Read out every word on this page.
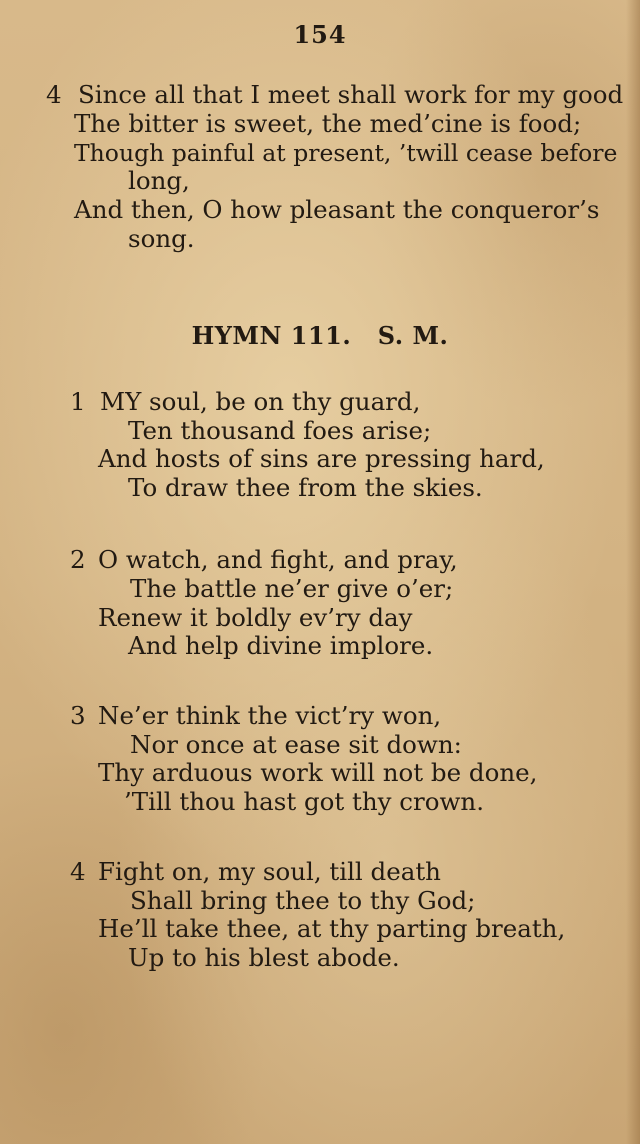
154
4 Since all that I meet shall work for my good
The bitter is sweet, the med’cine is food;
Though painful at present, ’twill cease before
long,
And then, O how pleasant the conqueror’s
song.
HYMN 111.   S. M.
1 MY soul, be on thy guard,
Ten thousand foes arise;
And hosts of sins are pressing hard,
To draw thee from the skies.
2 O watch, and fight, and pray,
The battle ne’er give o’er;
Renew it boldly ev’ry day
And help divine implore.
3 Ne’er think the vict’ry won,
Nor once at ease sit down:
Thy arduous work will not be done,
’Till thou hast got thy crown.
4 Fight on, my soul, till death
Shall bring thee to thy God;
He’ll take thee, at thy parting breath,
Up to his blest abode.
